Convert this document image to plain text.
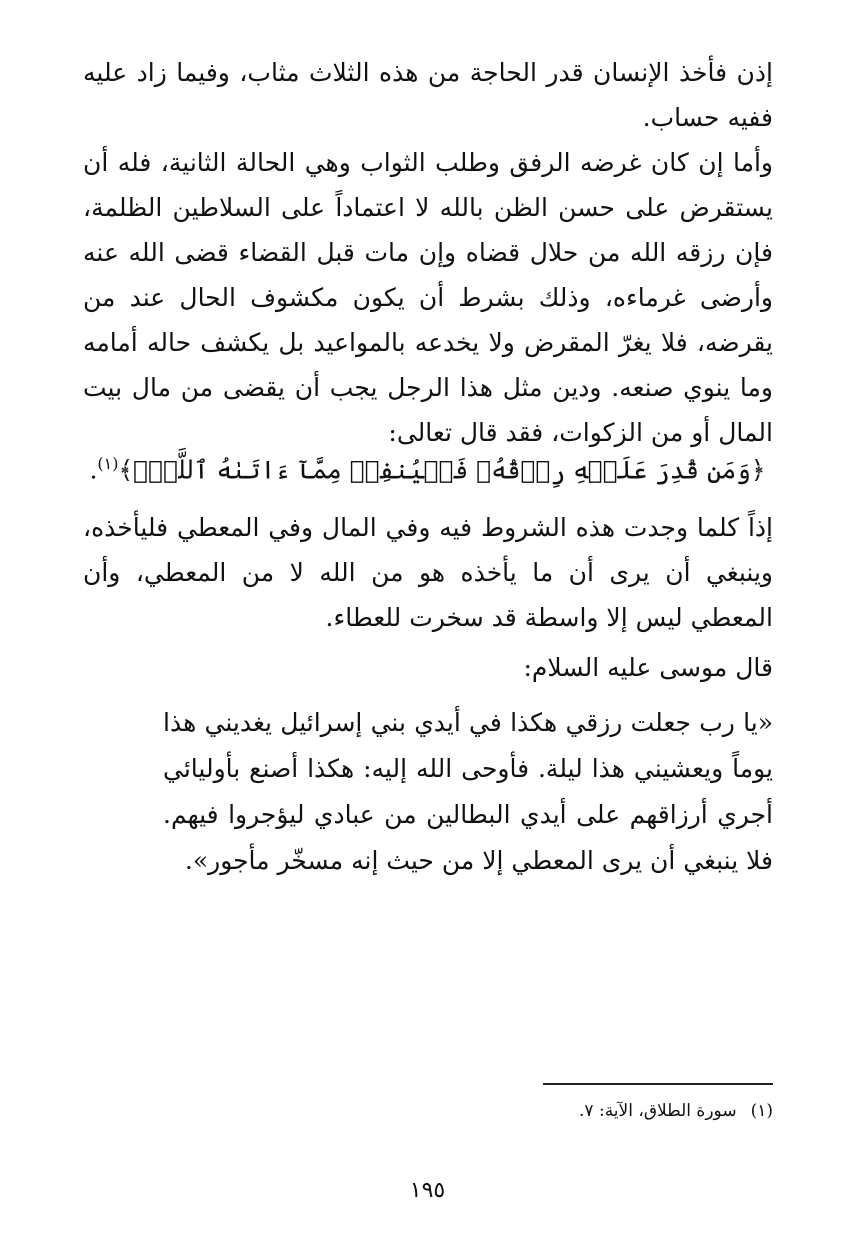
إذن فأخذ الإنسان قدر الحاجة من هذه الثلاث مثاب، وفيما زاد عليه ففيه حساب.

وأما إن كان غرضه الرفق وطلب الثواب وهي الحالة الثانية، فله أن يستقرض على حسن الظن بالله لا اعتماداً على السلاطين الظلمة، فإن رزقه الله من حلال قضاه وإن مات قبل القضاء قضى الله عنه وأرضى غرماءه، وذلك بشرط أن يكون مكشوف الحال عند من يقرضه، فلا يغرّ المقرض ولا يخدعه بالمواعيد بل يكشف حاله أمامه وما ينوي صنعه. ودين مثل هذا الرجل يجب أن يقضى من مال بيت المال أو من الزكوات، فقد قال تعالى:

﴿وَمَن قُدِرَ عَلَيۡهِ رِزۡقُهُۥ فَلۡيُنفِقۡ مِمَّآ ءَاتَىٰهُ ٱللَّهُۚ﴾$^{(١)}$.

إذاً كلما وجدت هذه الشروط فيه وفي المال وفي المعطي فليأخذه، وينبغي أن يرى أن ما يأخذه هو من الله لا من المعطي، وأن المعطي ليس إلا واسطة قد سخرت للعطاء.

قال موسى عليه السلام:

«يا رب جعلت رزقي هكذا في أيدي بني إسرائيل يغديني هذا يوماً ويعشيني هذا ليلة. فأوحى الله إليه: هكذا أصنع بأوليائي أجري أرزاقهم على أيدي البطالين من عبادي ليؤجروا فيهم. فلا ينبغي أن يرى المعطي إلا من حيث إنه مسخّر مأجور».

(١)سورة الطلاق، الآية: ٧.
١٩٥
